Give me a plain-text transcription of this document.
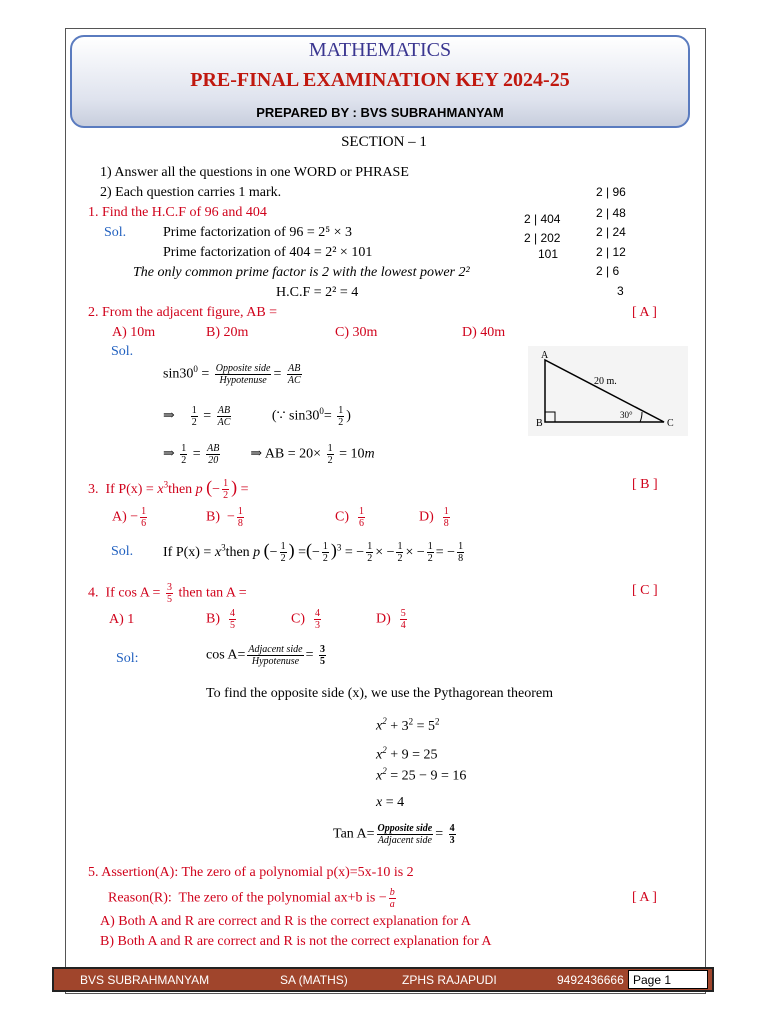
MATHEMATICS
PRE-FINAL EXAMINATION KEY 2024-25
PREPARED BY : BVS SUBRAHMANYAM
SECTION – 1
1) Answer all the questions in one WORD or PHRASE
2) Each question carries 1 mark.
1. Find the H.C.F of 96 and 404
Sol.	Prime factorization of 96 = 2⁵ × 3
Prime factorization of 404 = 2² × 101
The only common prime factor is 2 with the lowest power 2²
H.C.F = 2² = 4
2 | 404
2 | 202
101
2 | 96
2 | 48
2 | 24
2 | 12
2 | 6
3
2. From the adjacent figure, AB =	[ A ]
A) 10m	B) 20m	C) 30m	D) 40m
Sol.
$\sin 30^0 = \frac{\text{Opposite side}}{\text{Hypotenuse}} = \frac{AB}{AC}$
⇒ $\frac{1}{2} = \frac{AB}{AC}$ (∵ $\sin 30^0= \frac{1}{2}$ )
⇒ $\frac{1}{2} = \frac{AB}{20}$ ⇒ AB = $20\times \frac{1}{2} = 10m$
A
B	C
20 m.
30°
3.  If $P(x) = x^3then$ p (− $\frac{1}{2}$ ) =	[ B ]
$A) - \frac{1}{6}$	$B) - \frac{1}{8}$	$C) \frac{1}{6}$	$D) \frac{1}{8}$
Sol. If $P(x) = x^3then$ p (− $\frac{1}{2}$ ) =(− $\frac{1}{2} )^3$ = − $\frac{1}{2}$ × − $\frac{1}{2}$ × − $\frac{1}{2}$ = − $\frac{1}{8}$
4.  If $\cos A = \frac{3}{5}$ then tan A =	[ C ]
A) 1	$B) \frac{4}{5}$	$C) \frac{4}{3}$	$D) \frac{5}{4}$
Sol:	$\cos A= \frac{\text{Adjacent side}}{\text{Hypotenuse}} = \frac{3}{5}$
To find the opposite side (x), we use the Pythagorean theorem
$x^2 + 3^2 = 5^2$
$x^2 + 9 = 25$
$x^2 = 25 - 9 = 16$
x = 4
Tan $A= \frac{\text{Opposite side}}{\text{Adjacent side}} = \frac{4}{3}$
5. Assertion(A): The zero of a polynomial p(x)=5x-10 is 2
Reason(R):  The zero of the polynomial ax+b is − $\frac{b}{a}$	[ A ]
A) Both A and R are correct and R is the correct explanation for A
B) Both A and R are correct and R is not the correct explanation for A
BVS SUBRAHMANYAM	SA (MATHS)	ZPHS RAJAPUDI	9492436666 Page 1
